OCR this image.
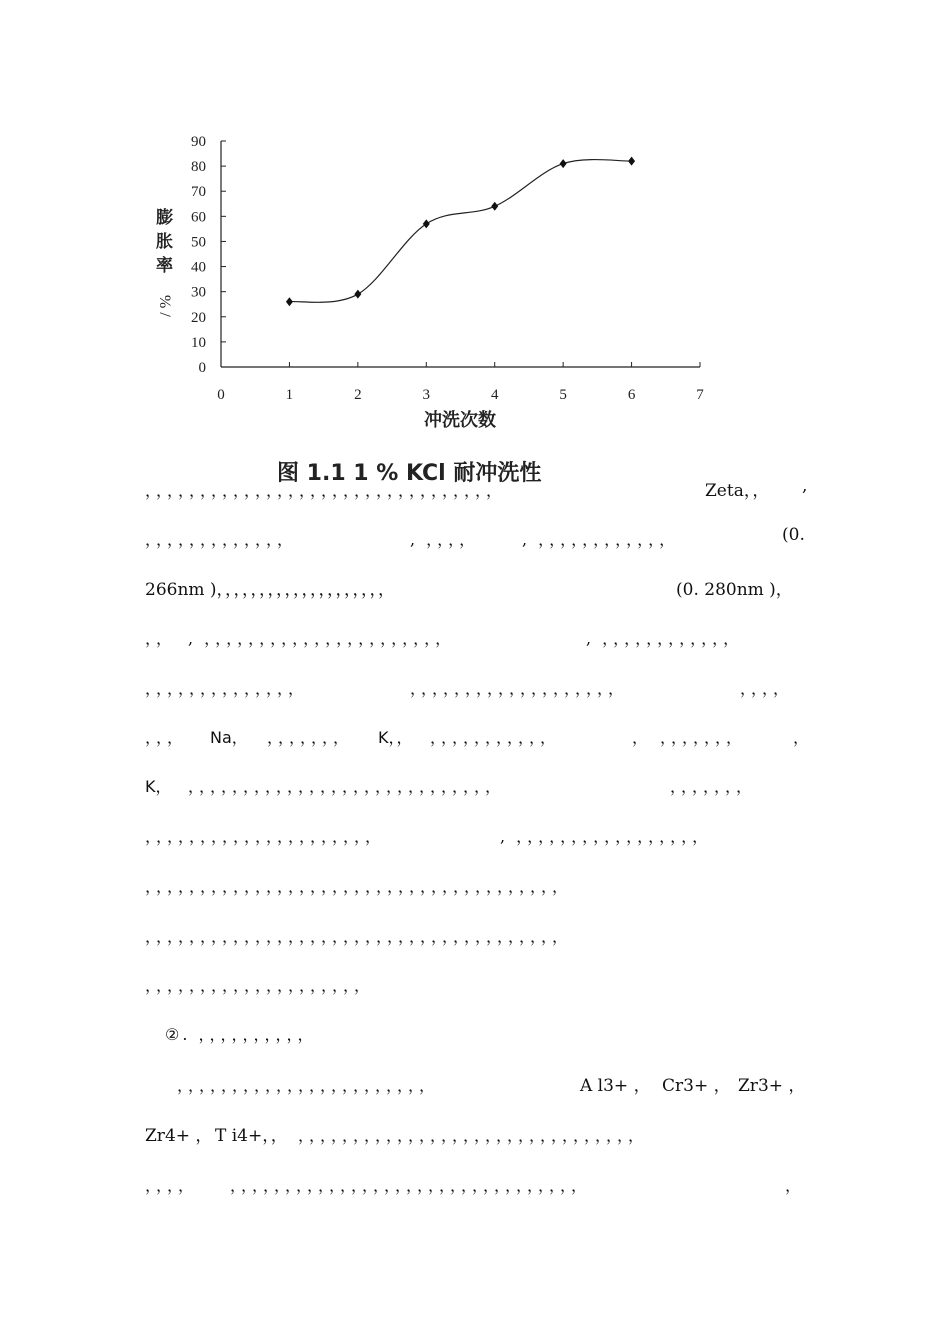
0
10
20
30
40
50
60
70
80
90
0	1	2	3	4	5	6	7
膨
胀
率
% /
冲洗次数
图 1.1 1 % KCl 耐冲洗性
，，，，，，，，，，，，，，，，，，，，，，，，，，，，，，，，	Zeta，， ,
，，，，，，，，，，，，，	, ，，，，	, ，，，，，，，，，，，，	(0.
266nm )，，，，，，，，，，，，，，，，，，，，	(0. 280nm )，
，， , ，，，，，，，，，，，，，，，，，，，，，，	, ，，，，，，，，，，，，
，，，，，，，，，，，，，，	，，，，，，，，，，，，，，，，，，，	，，，，
，，， Na， ，，，，，，， K，， ，，，，，，，，，，，	， ，，，，，，，	，
K， ，，，，，，，，，，，，，，，，，，，，，，，，，，，，	，，，，，，，
，，，，，，，，，，，，，，，，，，，，，	, ，，，，，，，，，，，，，，，，，
，，，，，，，，，，，，，，，，，，，，，，，，，，，，，，，，，，，，，，
，，，，，，，，，，，，，，，，，，，，，，，，，，，，，，，，，，，，，，
，，，，，，，，，，，，，，，，，，，，
②. ，，，，，，，，，，
，，，，，，，，，，，，，，，，，，，，，，，	A l3+ ， Cr3+ ， Zr3+ ，
Zr4+ ， T i4+，， ，，，，，，，，，，，，，，，，，，，，，，，，，，，，，，，
，，，， ，，，，，，，，，，，，，，，，，，，，，，，，，，，，，，，，	，
